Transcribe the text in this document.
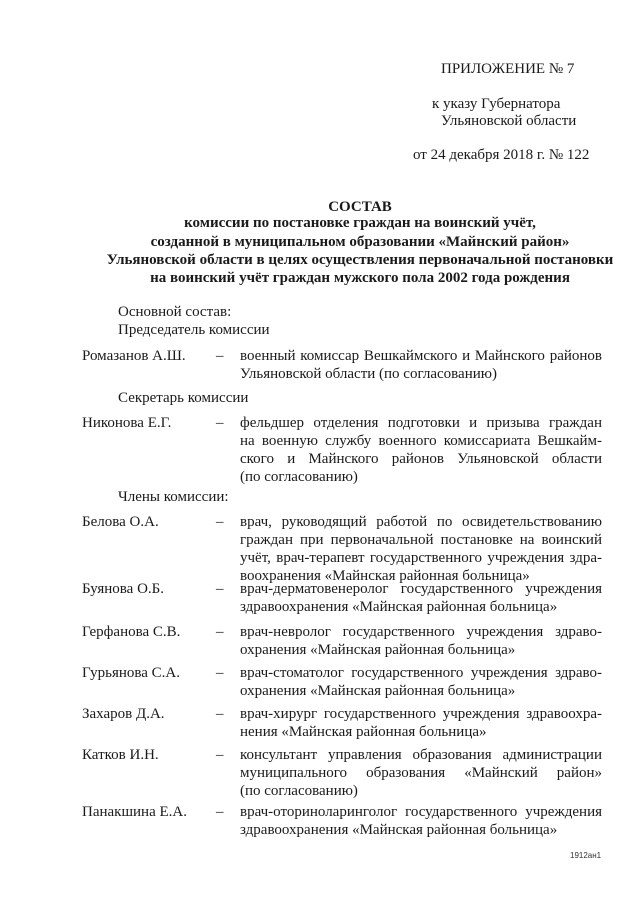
ПРИЛОЖЕНИЕ № 7
к указу Губернатора
Ульяновской области
от 24 декабря 2018 г. № 122
СОСТАВ
комиссии по постановке граждан на воинский учёт,
созданной в муниципальном образовании «Майнский район»
Ульяновской области в целях осуществления первоначальной постановки
на воинский учёт граждан мужского пола 2002 года рождения
Основной состав:
Председатель комиссии
Секретарь комиссии
Члены комиссии:
Ромазанов А.Ш. – военный комиссар Вешкаймского и Майнского районов
Ульяновской области (по согласованию)
Никонова Е.Г.	– фельдшер отделения подготовки и призыва граждан
на военную службу военного комиссариата Вешкайм-
ского и Майнского районов Ульяновской области
(по согласованию)
Белова О.А.	– врач, руководящий работой по освидетельствованию
граждан при первоначальной постановке на воинский
учёт, врач-терапевт государственного учреждения здра-
воохранения «Майнская районная больница»
Буянова О.Б.	– врач-дерматовенеролог государственного учреждения
здравоохранения «Майнская районная больница»
Герфанова С.В. – врач-невролог государственного учреждения здраво-
охранения «Майнская районная больница»
Гурьянова С.А. – врач-стоматолог государственного учреждения здраво-
охранения «Майнская районная больница»
Захаров Д.А.	– врач-хирург государственного учреждения здравоохра-
нения «Майнская районная больница»
Катков И.Н.	– консультант управления образования администрации
муниципального образования «Майнский район»
(по согласованию)
Панакшина Е.А. – врач-оториноларинголог государственного учреждения
здравоохранения «Майнская районная больница»
1912ан1
